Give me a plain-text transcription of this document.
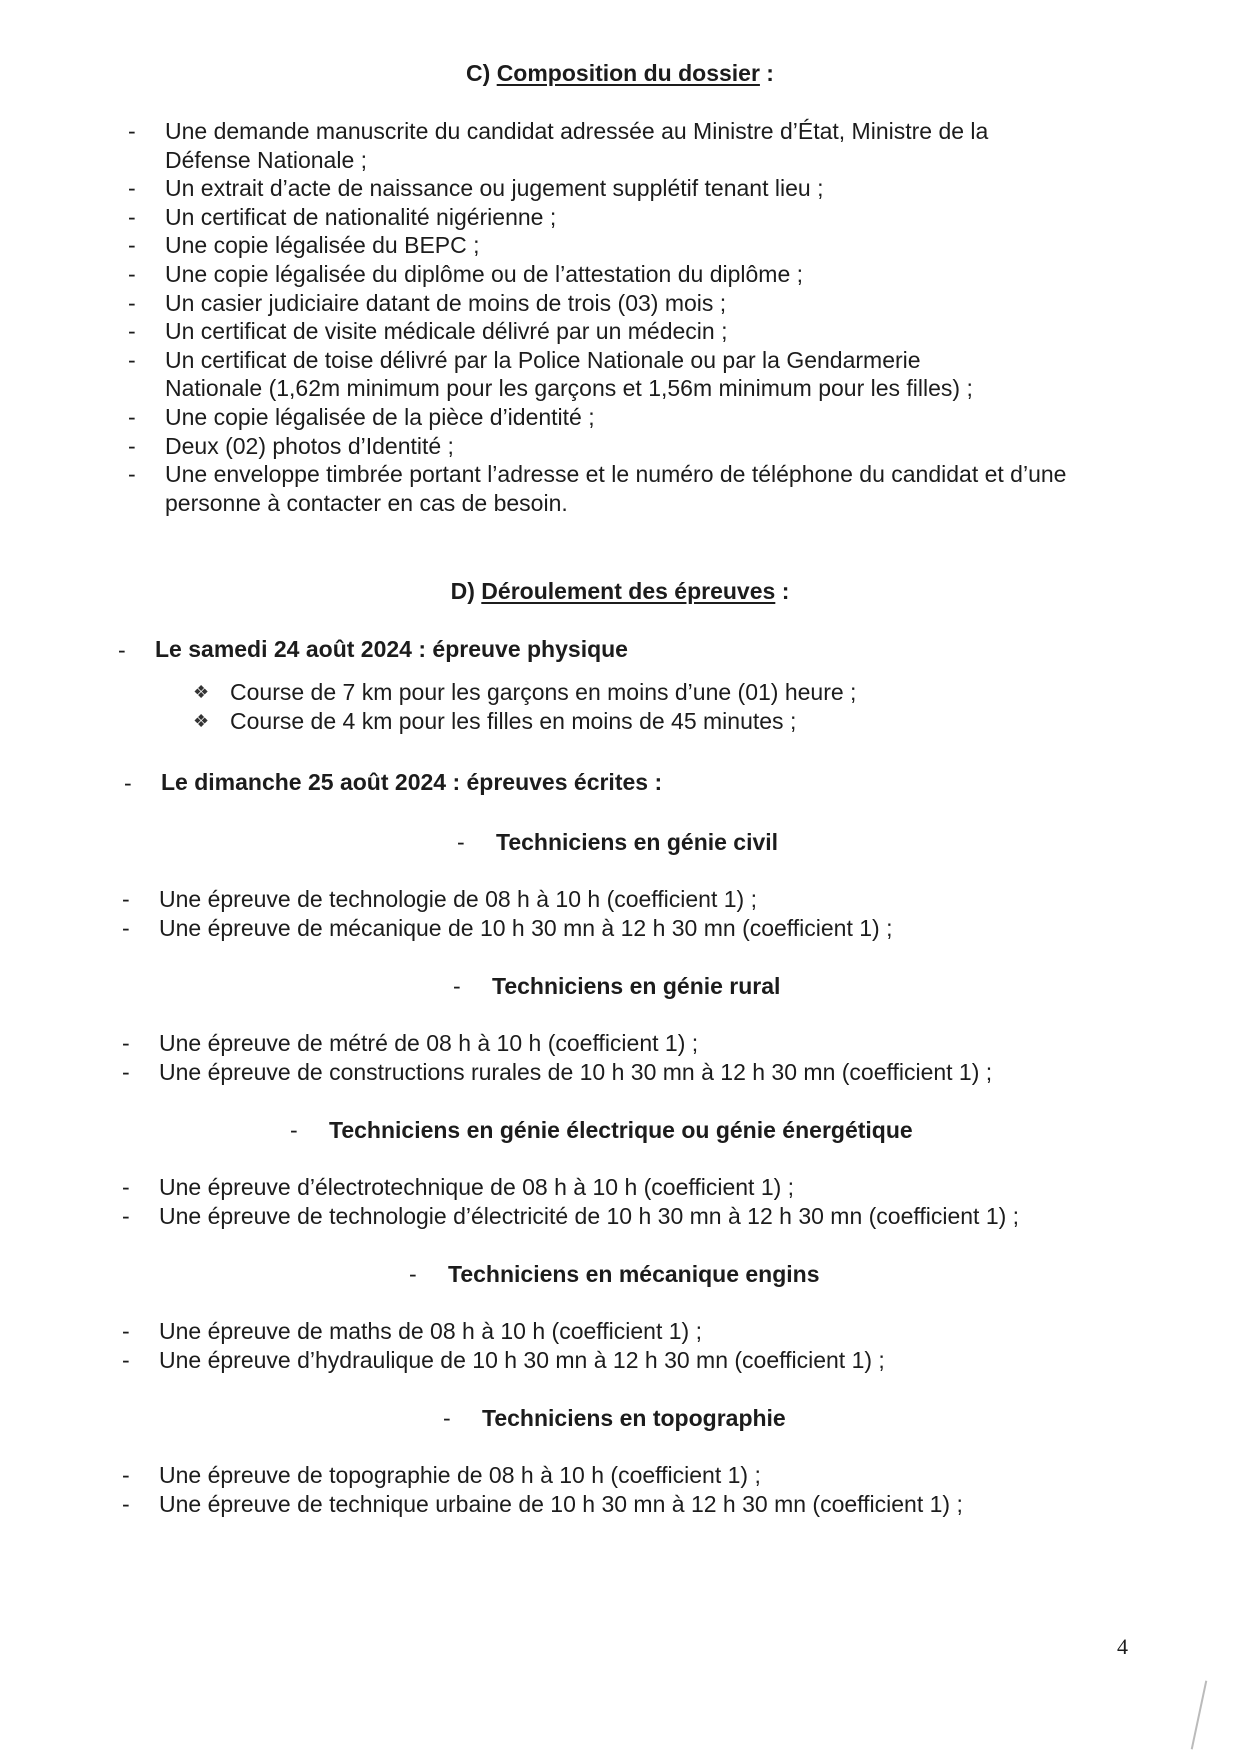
C) Composition du dossier :
- Une demande manuscrite du candidat adressée au Ministre d’État, Ministre de la
Défense Nationale ;
- Un extrait d’acte de naissance ou jugement supplétif tenant lieu ;
- Un certificat de nationalité nigérienne ;
- Une copie légalisée du BEPC ;
- Une copie légalisée du diplôme ou de l’attestation du diplôme ;
- Un casier judiciaire datant de moins de trois (03) mois ;
- Un certificat de visite médicale délivré par un médecin ;
- Un certificat de toise délivré par la Police Nationale ou par la Gendarmerie
Nationale (1,62m minimum pour les garçons et 1,56m minimum pour les filles) ;
- Une copie légalisée de la pièce d’identité ;
- Deux (02) photos d’Identité ;
- Une enveloppe timbrée portant l’adresse et le numéro de téléphone du candidat et d’une
personne à contacter en cas de besoin.
D) Déroulement des épreuves :
- Le samedi 24 août 2024 : épreuve physique
❖ Course de 7 km pour les garçons en moins d’une (01) heure ;
❖ Course de 4 km pour les filles en moins de 45 minutes ;
- Le dimanche 25 août 2024 : épreuves écrites :
- Techniciens en génie civil
- Une épreuve de technologie de 08 h à 10 h (coefficient 1) ;
- Une épreuve de mécanique de 10 h 30 mn à 12 h 30 mn (coefficient 1) ;
- Techniciens en génie rural
- Une épreuve de métré de 08 h à 10 h (coefficient 1) ;
- Une épreuve de constructions rurales de 10 h 30 mn à 12 h 30 mn (coefficient 1) ;
- Techniciens en génie électrique ou génie énergétique
- Une épreuve d’électrotechnique de 08 h à 10 h (coefficient 1) ;
- Une épreuve de technologie d’électricité de 10 h 30 mn à 12 h 30 mn (coefficient 1) ;
- Techniciens en mécanique engins
- Une épreuve de maths de 08 h à 10 h (coefficient 1) ;
- Une épreuve d’hydraulique de 10 h 30 mn à 12 h 30 mn (coefficient 1) ;
- Techniciens en topographie
- Une épreuve de topographie de 08 h à 10 h (coefficient 1) ;
- Une épreuve de technique urbaine de 10 h 30 mn à 12 h 30 mn (coefficient 1) ;
4
